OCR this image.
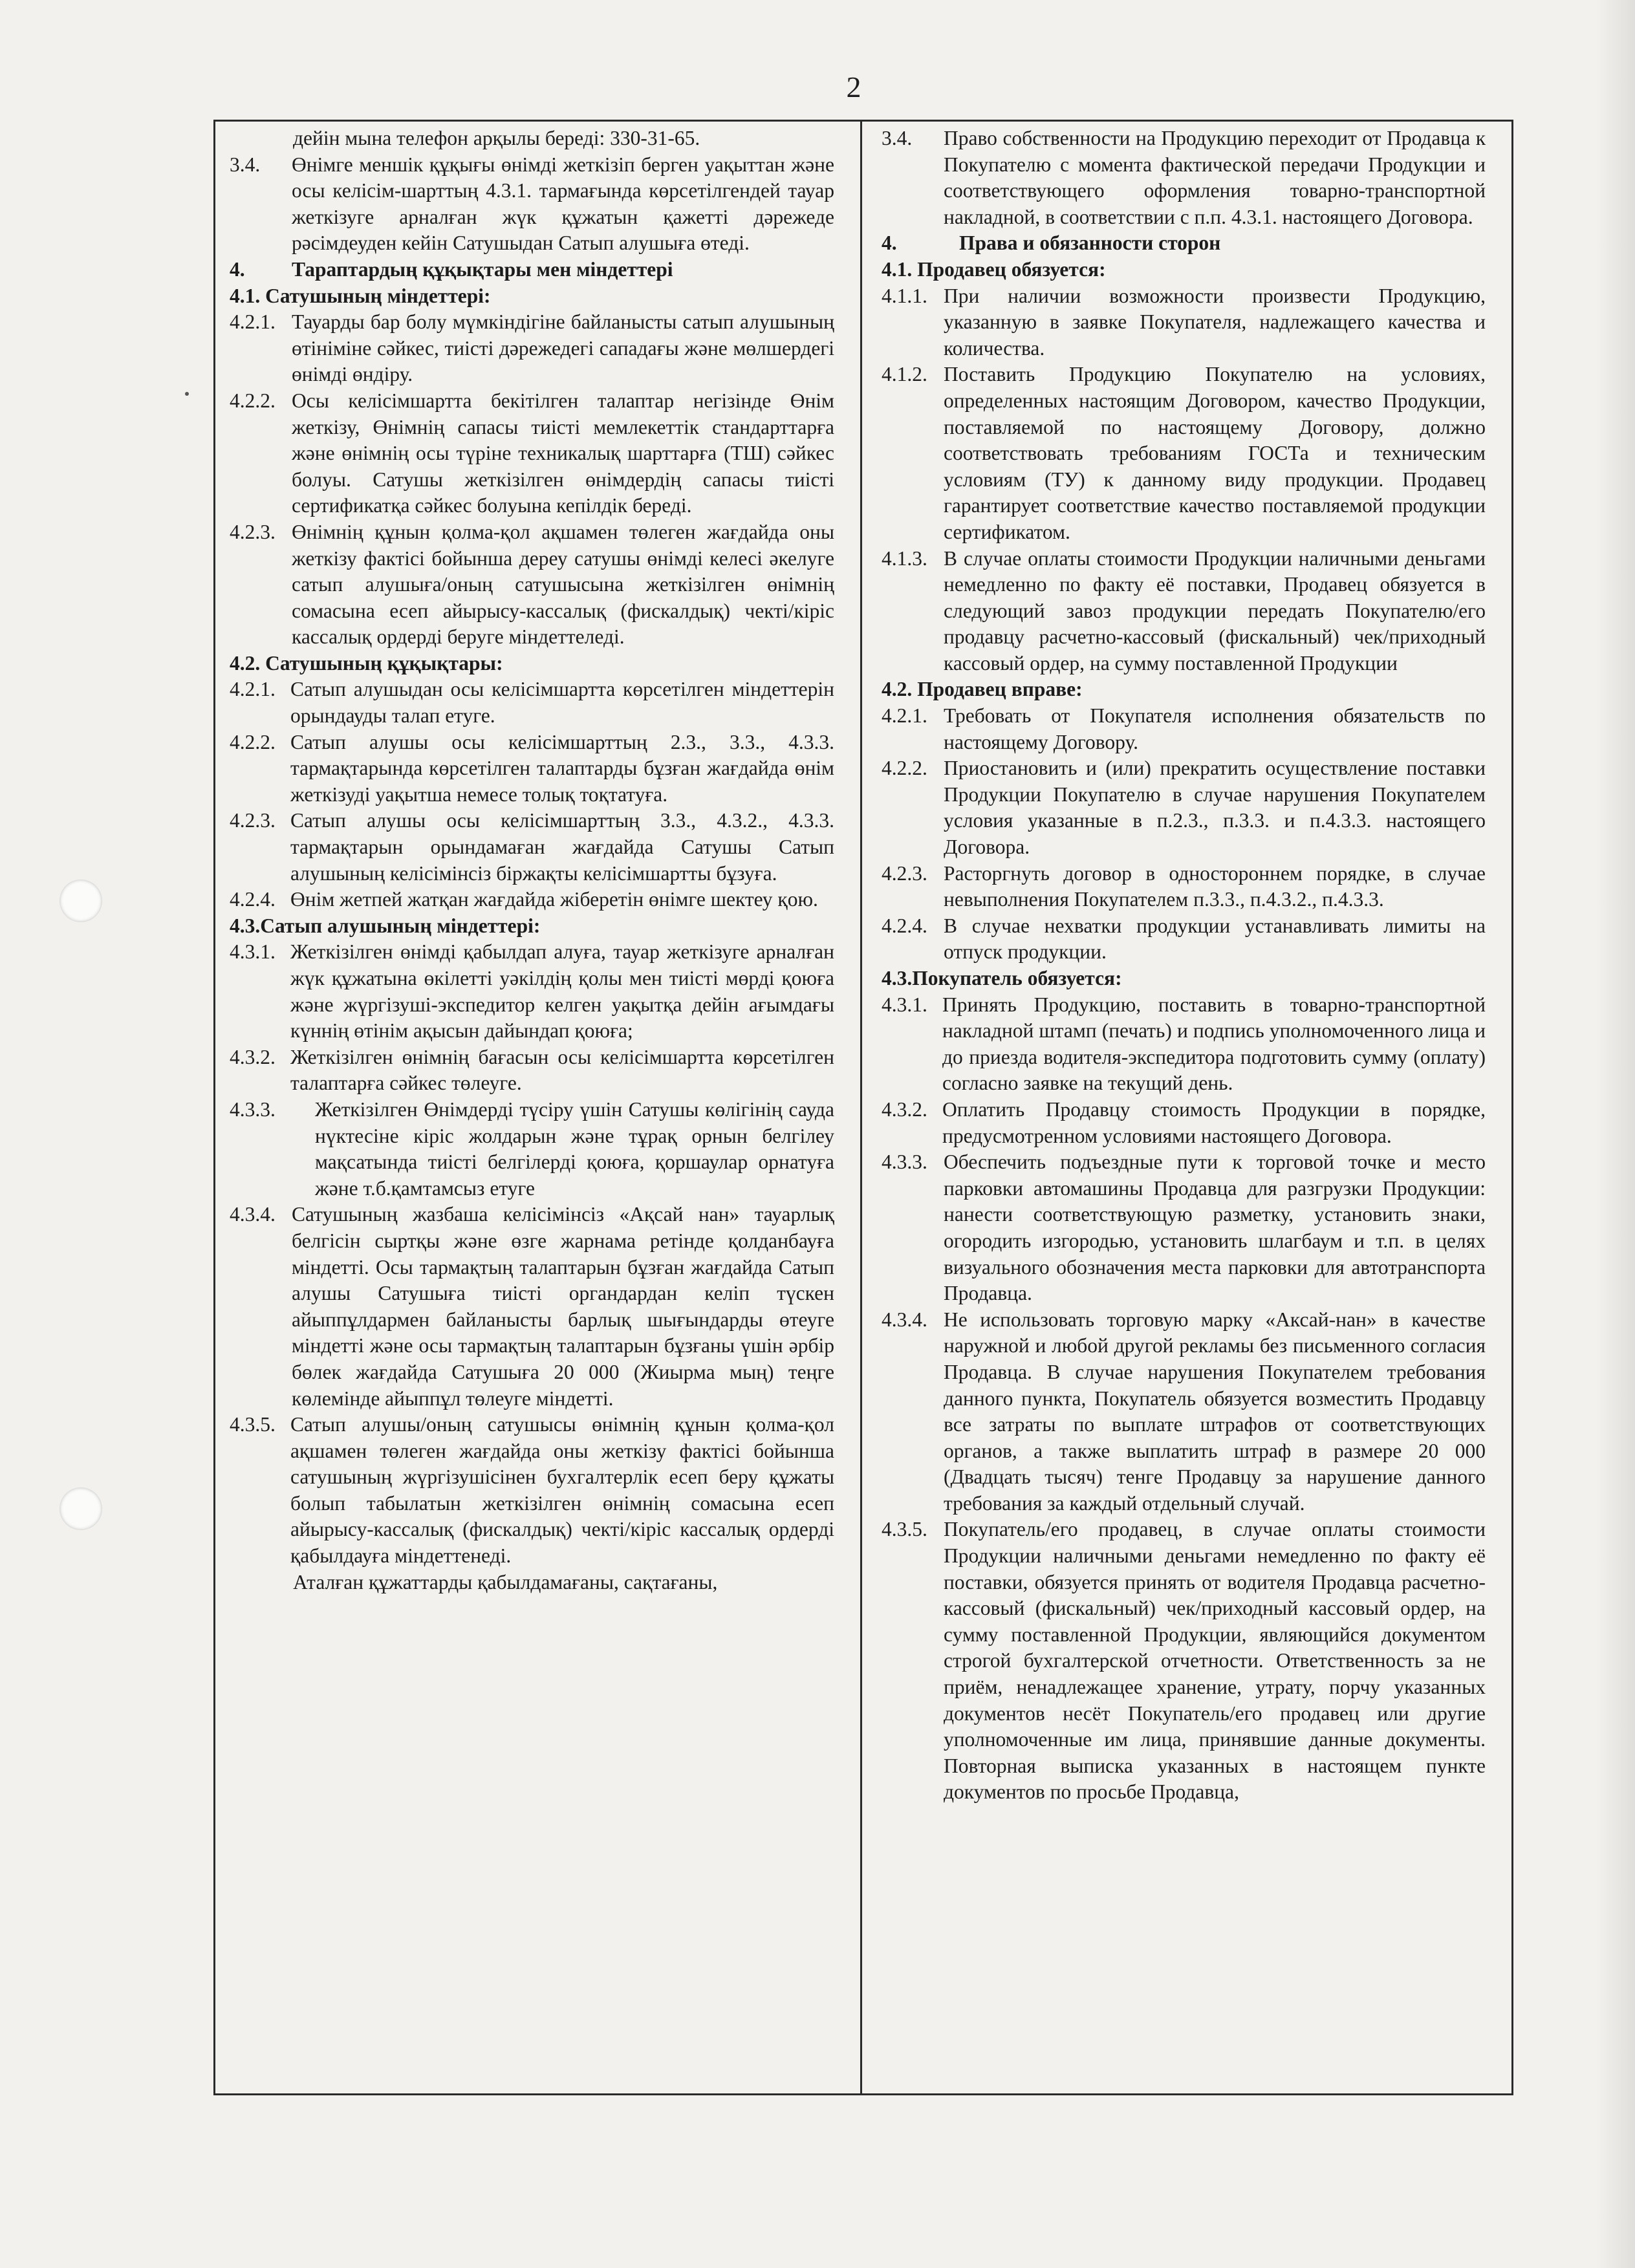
2

дейін мына телефон арқылы береді: 330-31-65.

3.4.	Өнімге меншік құқығы өнімді жеткізіп берген уақыттан және осы келісім-шарттың 4.3.1. тармағында көрсетілгендей тауар жеткізуге арналған жүк құжатын қажетті дәрежеде рәсімдеуден кейін Сатушыдан Сатып алушыға өтеді.
4.	Тараптардың құқықтары мен міндеттері

4.1. Сатушының міндеттері:

4.2.1. Тауарды бар болу мүмкіндігіне байланысты сатып алушының өтініміне сәйкес, тиісті дәрежедегі сападағы және мөлшердегі өнімді өндіру.
4.2.2. Осы келісімшартта бекітілген талаптар негізінде Өнім жеткізу, Өнімнің сапасы тиісті мемлекеттік стандарттарға және өнімнің осы түріне техникалық шарттарға (ТШ) сәйкес болуы. Сатушы жеткізілген өнімдердің сапасы тиісті сертификатқа сәйкес болуына кепілдік береді.
4.2.3. Өнімнің құнын қолма-қол ақшамен төлеген жағдайда оны жеткізу фактісі бойынша дереу сатушы өнімді келесі әкелуге сатып алушыға/оның сатушысына жеткізілген өнімнің сомасына есеп айырысу-кассалық (фискалдық) чекті/кіріс кассалық ордерді беруге міндеттеледі.

4.2. Сатушының құқықтары:

4.2.1. Сатып алушыдан осы келісімшартта көрсетілген міндеттерін орындауды талап етуге.
4.2.2. Сатып алушы осы келісімшарттың 2.3., 3.3., 4.3.3. тармақтарында көрсетілген талаптарды бұзған жағдайда өнім жеткізуді уақытша немесе толық тоқтатуға.
4.2.3. Сатып алушы осы келісімшарттың 3.3., 4.3.2., 4.3.3. тармақтарын орындамаған жағдайда Сатушы Сатып алушының келісімінсіз біржақты келісімшартты бұзуға.
4.2.4. Өнім жетпей жатқан жағдайда жіберетін өнімге шектеу қою.

4.3.Сатып алушының міндеттері:

4.3.1. Жеткізілген өнімді қабылдап алуға, тауар жеткізуге арналған жүк құжатына өкілетті уәкілдің қолы мен тиісті мөрді қоюға және жүргізуші-экспедитор келген уақытқа дейін ағымдағы күннің өтінім ақысын дайындап қоюға;
4.3.2. Жеткізілген өнімнің бағасын осы келісімшартта көрсетілген талаптарға сәйкес төлеуге.
4.3.3.	Жеткізілген Өнімдерді түсіру үшін Сатушы көлігінің сауда нүктесіне кіріс жолдарын және тұрақ орнын белгілеу мақсатында тиісті белгілерді қоюға, қоршаулар орнатуға және т.б.қамтамсыз етуге
4.3.4. Сатушының жазбаша келісімінсіз «Ақсай нан» тауарлық белгісін сыртқы және өзге жарнама ретінде қолданбауға міндетті. Осы тармақтың талаптарын бұзған жағдайда Сатып алушы Сатушыға тиісті органдардан келіп түскен айыппұлдармен байланысты барлық шығындарды өтеуге міндетті және осы тармақтың талаптарын бұзғаны үшін әрбір бөлек жағдайда Сатушыға 20 000 (Жиырма мың) теңге көлемінде айыппұл төлеуге міндетті.
4.3.5. Сатып алушы/оның сатушысы өнімнің құнын қолма-қол ақшамен төлеген жағдайда оны жеткізу фактісі бойынша сатушының жүргізушісінен бухгалтерлік есеп беру құжаты болып табылатын жеткізілген өнімнің сомасына есеп айырысу-кассалық (фискалдық) чекті/кіріс кассалық ордерді қабылдауға міндеттенеді.

Аталған құжаттарды қабылдамағаны, сақтағаны,

3.4.	Право собственности на Продукцию переходит от Продавца к Покупателю с момента фактической передачи Продукции и соответствующего оформления товарно-транспортной накладной, в соответствии с п.п. 4.3.1. настоящего Договора.
4.	Права и обязанности сторон

4.1. Продавец обязуется:

4.1.1. При наличии возможности произвести Продукцию, указанную в заявке Покупателя, надлежащего качества и количества.
4.1.2. Поставить Продукцию Покупателю на условиях, определенных настоящим Договором, качество Продукции, поставляемой по настоящему Договору, должно соответствовать требованиям ГОСТа и техническим условиям (ТУ) к данному виду продукции. Продавец гарантирует соответствие качество поставляемой продукции сертификатом.
4.1.3. В случае оплаты стоимости Продукции наличными деньгами немедленно по факту её поставки, Продавец обязуется в следующий завоз продукции передать Покупателю/его продавцу расчетно-кассовый (фискальный) чек/приходный кассовый ордер, на сумму поставленной Продукции

4.2. Продавец вправе:

4.2.1. Требовать от Покупателя исполнения обязательств по настоящему Договору.
4.2.2. Приостановить и (или) прекратить осуществление поставки Продукции Покупателю в случае нарушения Покупателем условия указанные в п.2.3., п.3.3. и п.4.3.3. настоящего Договора.
4.2.3. Расторгнуть договор в одностороннем порядке, в случае невыполнения Покупателем п.3.3., п.4.3.2., п.4.3.3.
4.2.4. В случае нехватки продукции устанавливать лимиты на отпуск продукции.

4.3.Покупатель обязуется:

4.3.1. Принять Продукцию, поставить в товарно-транспортной накладной штамп (печать) и подпись уполномоченного лица и до приезда водителя-экспедитора подготовить сумму (оплату) согласно заявке на текущий день.
4.3.2. Оплатить Продавцу стоимость Продукции в порядке, предусмотренном условиями настоящего Договора.
4.3.3. Обеспечить подъездные пути к торговой точке и место парковки автомашины Продавца для разгрузки Продукции: нанести соответствующую разметку, установить знаки, огородить изгородью, установить шлагбаум и т.п. в целях визуального обозначения места парковки для автотранспорта Продавца.
4.3.4. Не использовать торговую марку «Аксай-нан» в качестве наружной и любой другой рекламы без письменного согласия Продавца. В случае нарушения Покупателем требования данного пункта, Покупатель обязуется возместить Продавцу все затраты по выплате штрафов от соответствующих органов, а также выплатить штраф в размере 20 000 (Двадцать тысяч) тенге Продавцу за нарушение данного требования за каждый отдельный случай.
4.3.5. Покупатель/его продавец, в случае оплаты стоимости Продукции наличными деньгами немедленно по факту её поставки, обязуется принять от водителя Продавца расчетно-кассовый (фискальный) чек/приходный кассовый ордер, на сумму поставленной Продукции, являющийся документом строгой бухгалтерской отчетности. Ответственность за не приём, ненадлежащее хранение, утрату, порчу указанных документов несёт Покупатель/его продавец или другие уполномоченные им лица, принявшие данные документы. Повторная выписка указанных в настоящем пункте документов по просьбе Продавца,
